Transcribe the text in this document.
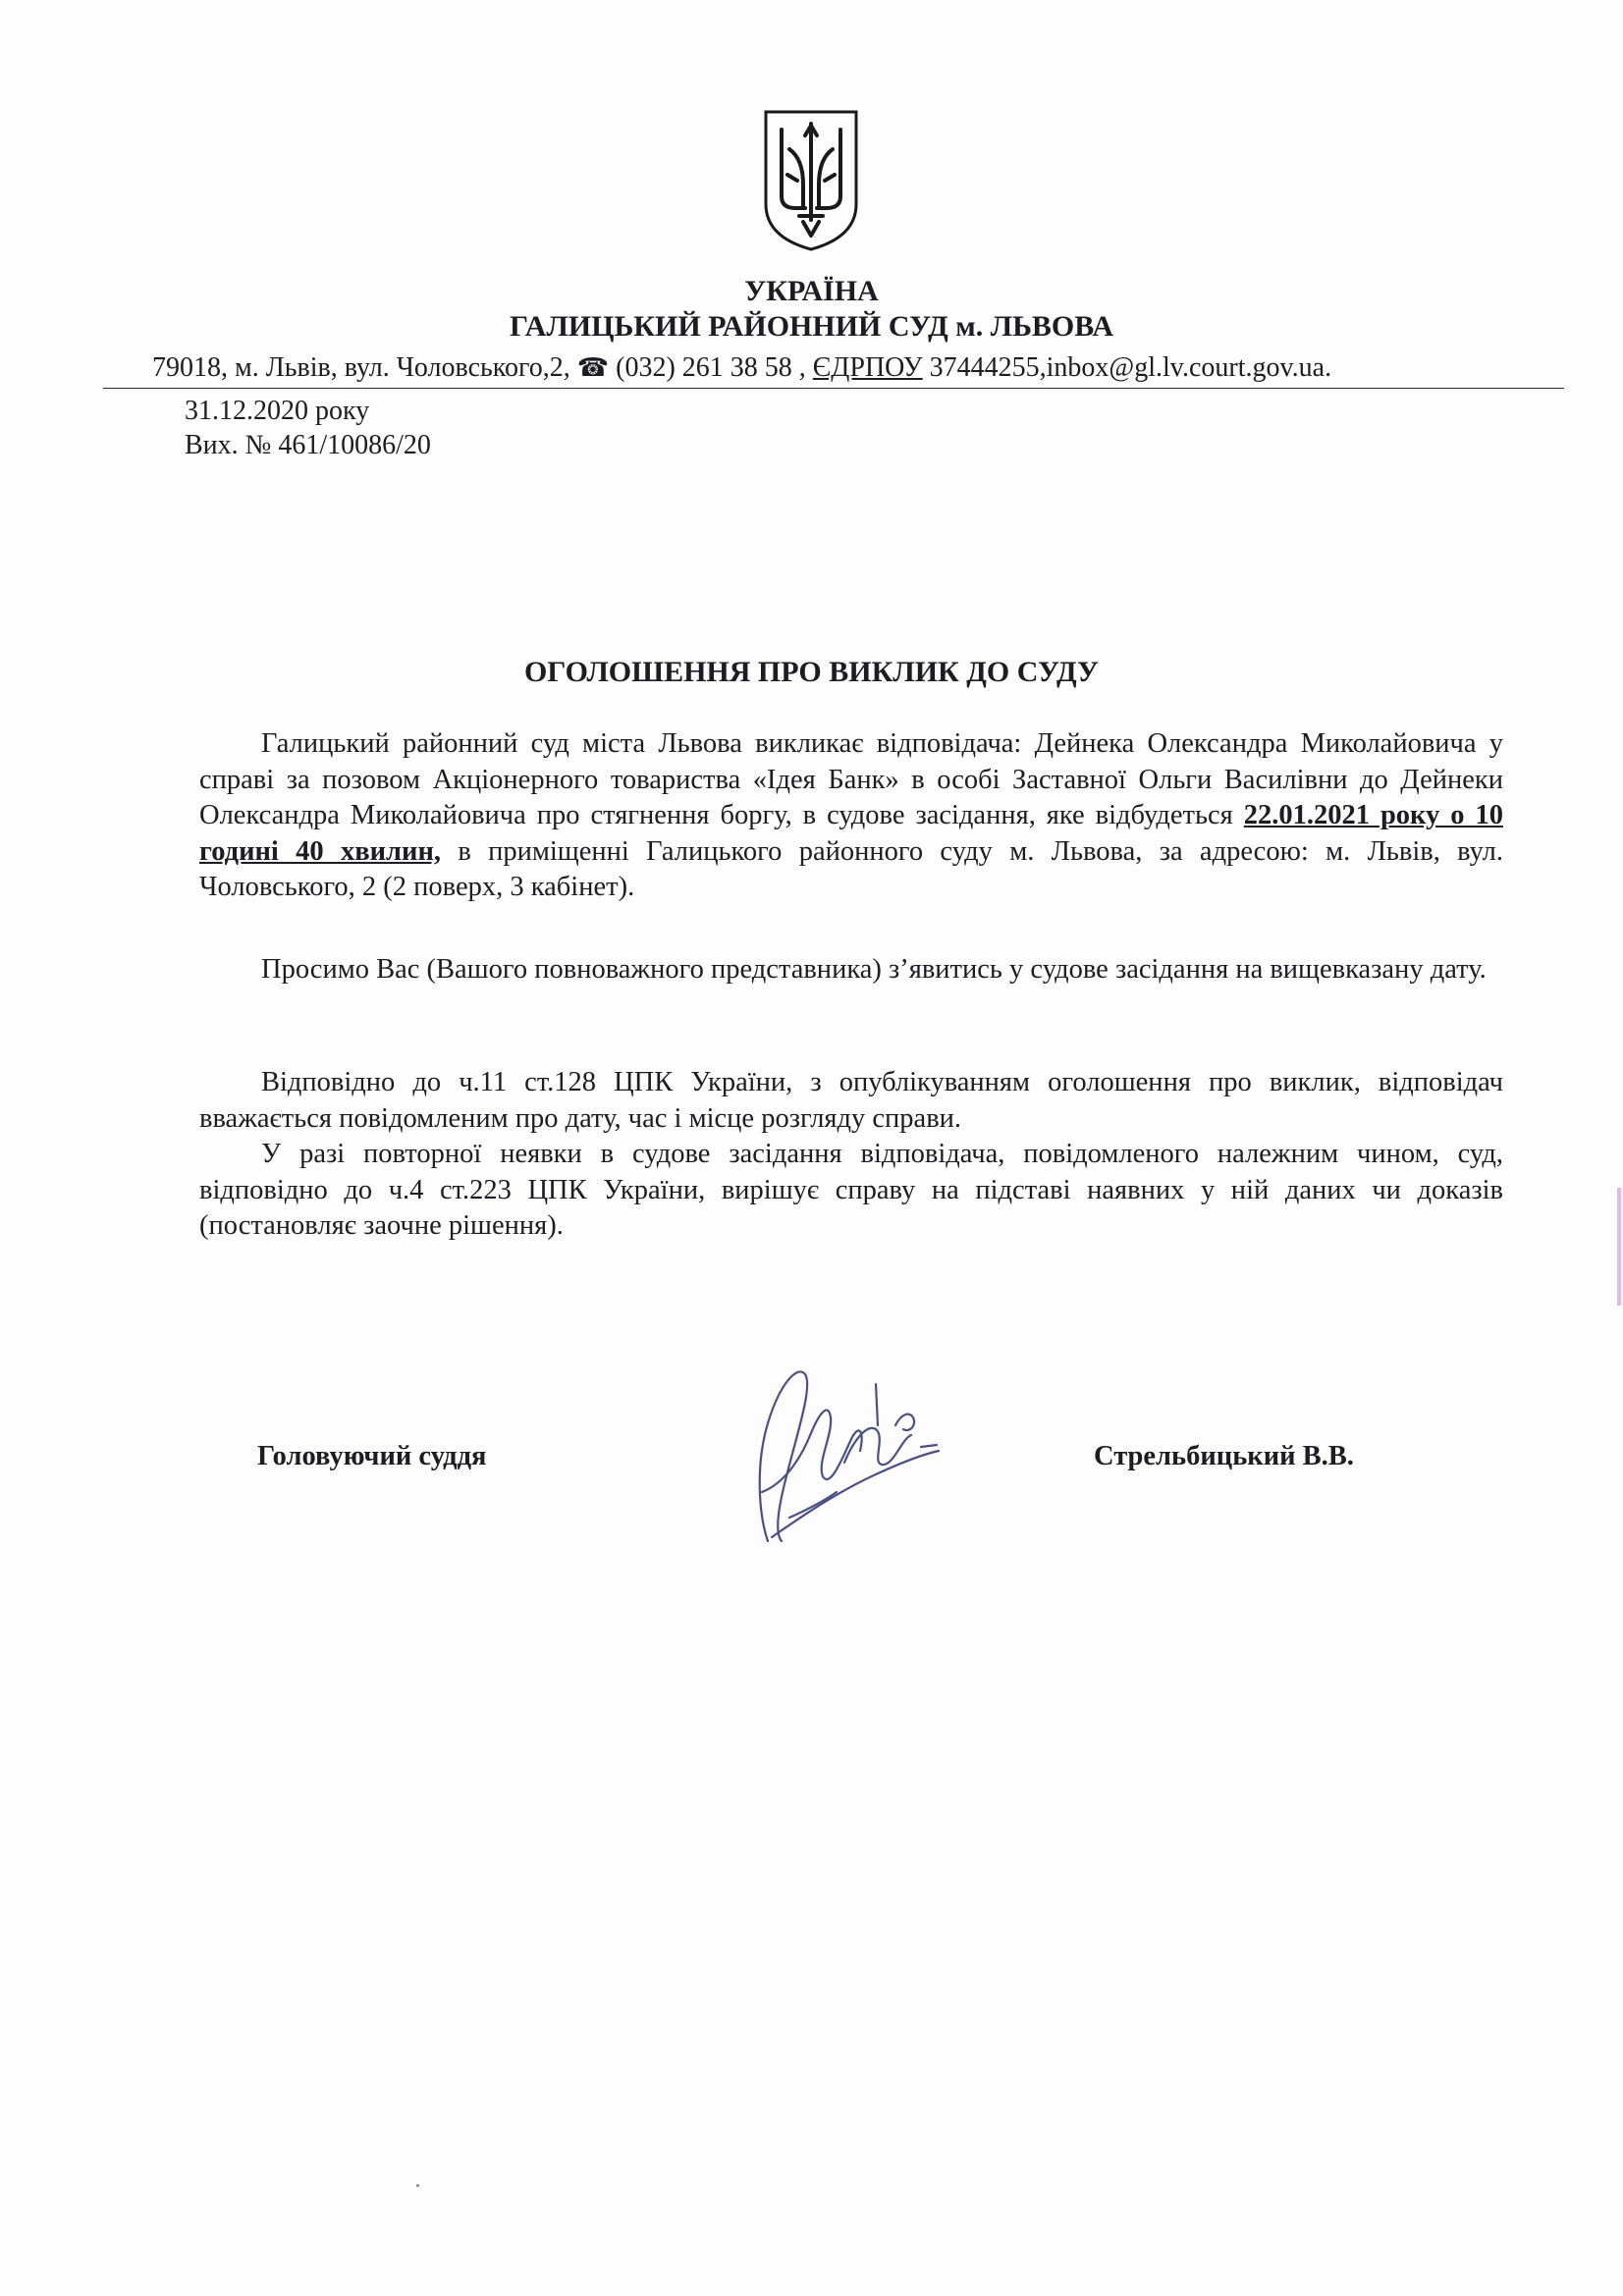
УКРАЇНА
ГАЛИЦЬКИЙ РАЙОННИЙ СУД м. ЛЬВОВА
79018, м. Львів, вул. Чоловського,2, ☎ (032) 261 38 58 , ЄДРПОУ 37444255,inbox@gl.lv.court.gov.ua.
31.12.2020 року
Вих. № 461/10086/20
ОГОЛОШЕННЯ ПРО ВИКЛИК ДО СУДУ

Галицький районний суд міста Львова викликає відповідача: Дейнека Олександра Миколайовича у справі за позовом Акціонерного товариства «Ідея Банк» в особі Заставної Ольги Василівни до Дейнеки Олександра Миколайовича про стягнення боргу, в судове засідання, яке відбудеться 22.01.2021 року о 10 годині 40 хвилин, в приміщенні Галицького районного суду м. Львова, за адресою: м. Львів, вул. Чоловського, 2 (2 поверх, 3 кабінет).

Просимо Вас (Вашого повноважного представника) з’явитись у судове засідання на вищевказану дату.

Відповідно до ч.11 ст.128 ЦПК України, з опублікуванням оголошення про виклик, відповідач вважається повідомленим про дату, час і місце розгляду справи.

У разі повторної неявки в судове засідання відповідача, повідомленого належним чином, суд, відповідно до ч.4 ст.223 ЦПК України, вирішує справу на підставі наявних у ній даних чи доказів (постановляє заочне рішення).

Головуючий суддя	Стрельбицький В.В.
